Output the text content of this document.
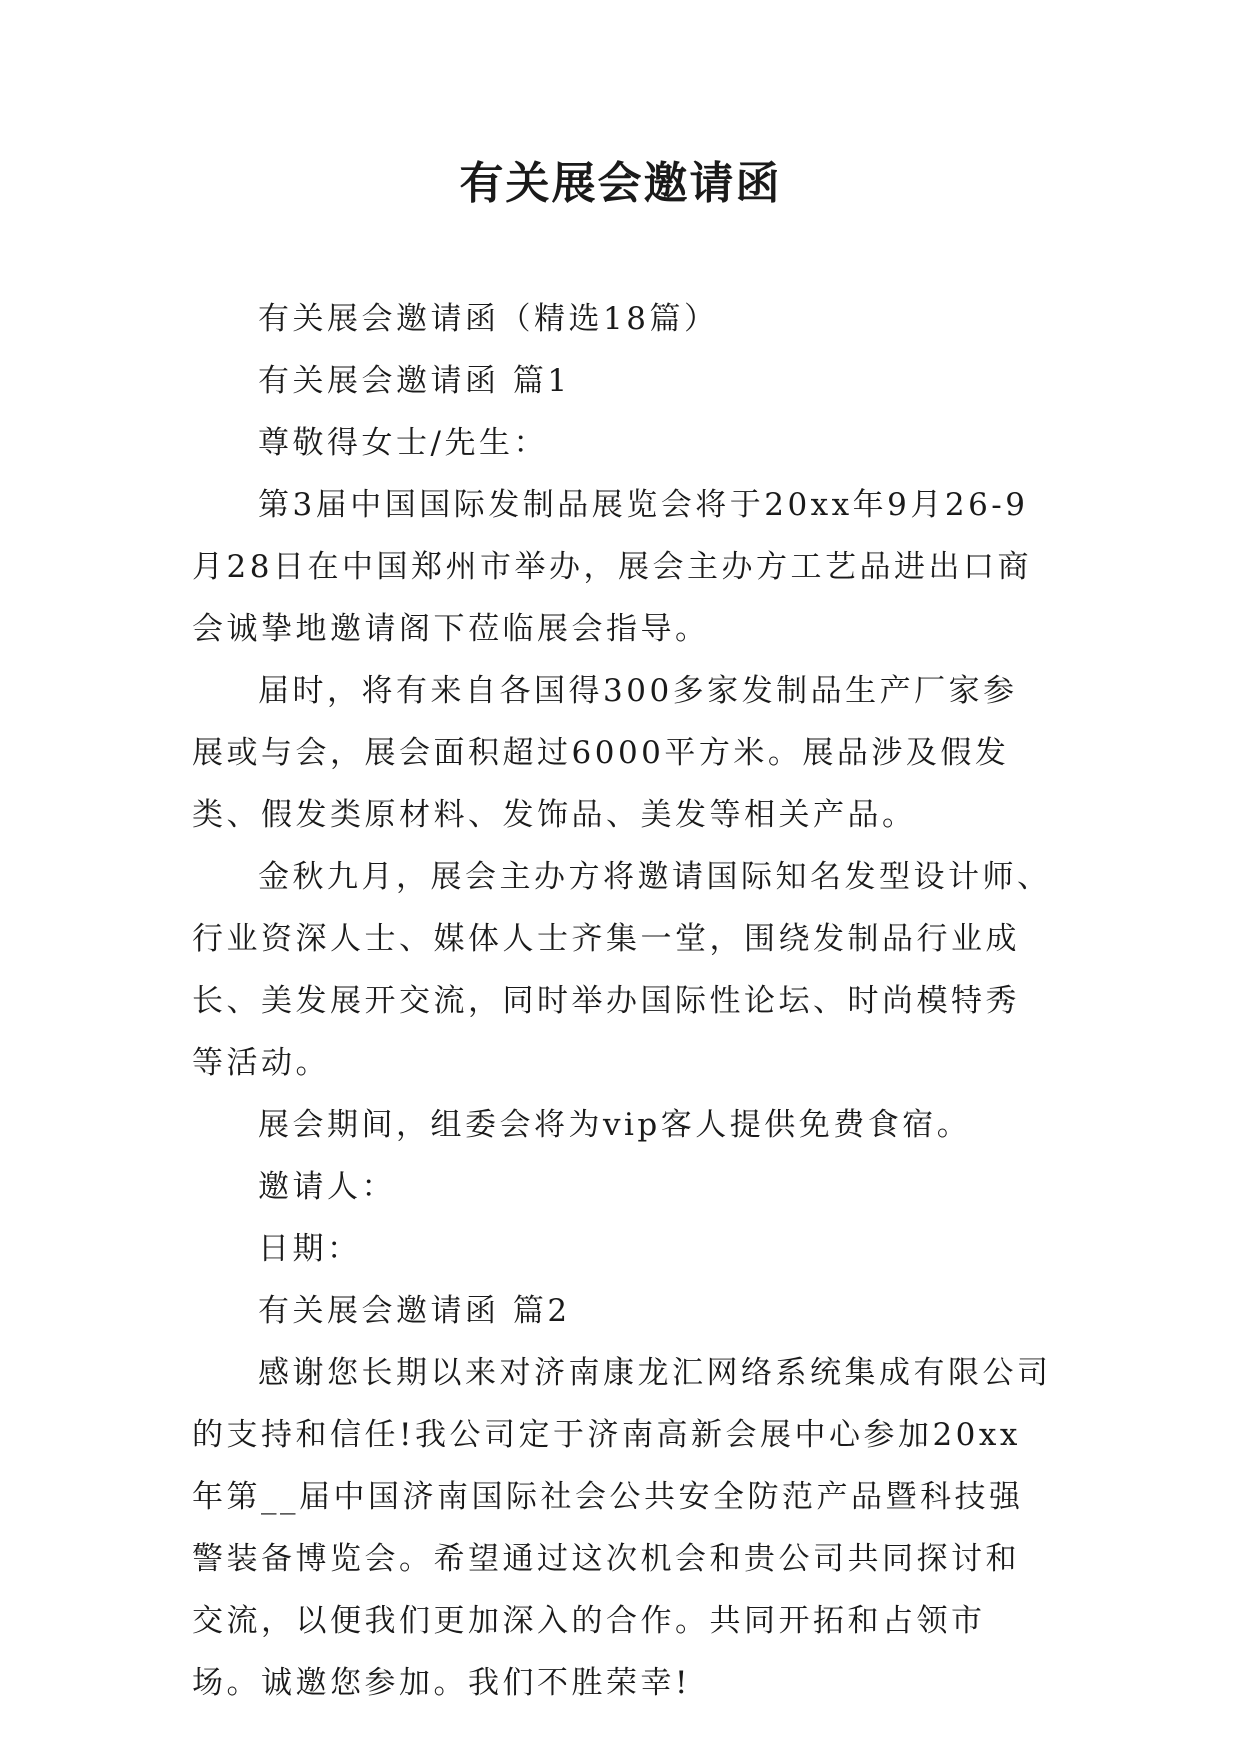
有关展会邀请函

有关展会邀请函（精选18篇）

有关展会邀请函 篇1

尊敬得女士/先生：

第3届中国国际发制品展览会将于20xx年9月26-9月28日在中国郑州市举办，展会主办方工艺品进出口商会诚挚地邀请阁下莅临展会指导。

届时，将有来自各国得300多家发制品生产厂家参展或与会，展会面积超过6000平方米。展品涉及假发类、假发类原材料、发饰品、美发等相关产品。

金秋九月，展会主办方将邀请国际知名发型设计师、行业资深人士、媒体人士齐集一堂，围绕发制品行业成长、美发展开交流，同时举办国际性论坛、时尚模特秀等活动。

展会期间，组委会将为vip客人提供免费食宿。

邀请人：

日期：

有关展会邀请函 篇2

感谢您长期以来对济南康龙汇网络系统集成有限公司的支持和信任!我公司定于济南高新会展中心参加20xx年第__届中国济南国际社会公共安全防范产品暨科技强警装备博览会。希望通过这次机会和贵公司共同探讨和交流，以便我们更加深入的合作。共同开拓和占领市场。诚邀您参加。我们不胜荣幸!
